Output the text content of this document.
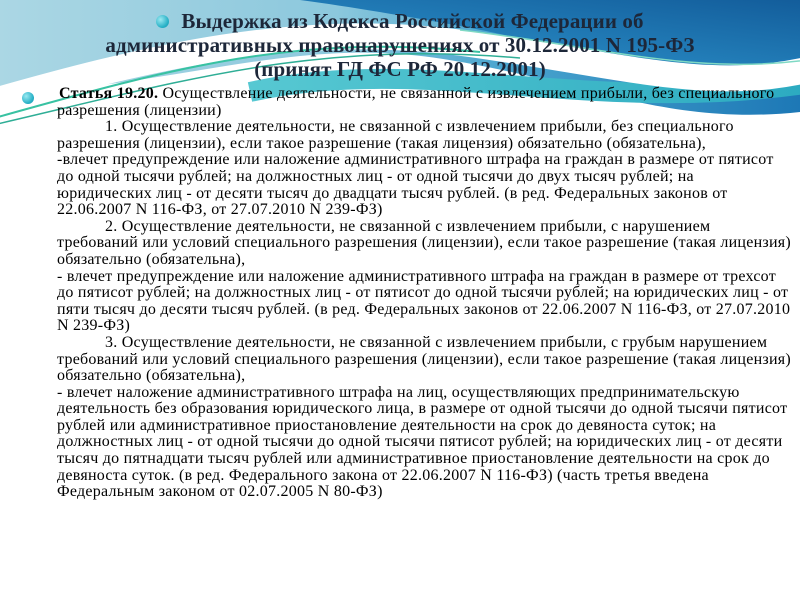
Выдержка из Кодекса Российской Федерации об
административных правонарушениях от 30.12.2001 N 195-ФЗ
(принят ГД ФС РФ 20.12.2001)

Статья 19.20. Осуществление деятельности, не связанной с извлечением прибыли, без специального разрешения (лицензии)

1. Осуществление деятельности, не связанной с извлечением прибыли, без специального разрешения (лицензии), если такое разрешение (такая лицензия) обязательно (обязательна),

-влечет предупреждение или наложение административного штрафа на граждан в размере от пятисот до одной тысячи рублей; на должностных лиц - от одной тысячи до двух тысяч рублей; на юридических лиц - от десяти тысяч до двадцати тысяч рублей. (в ред. Федеральных законов от 22.06.2007 N 116-ФЗ, от 27.07.2010 N 239-ФЗ)

2. Осуществление деятельности, не связанной с извлечением прибыли, с нарушением требований или условий специального разрешения (лицензии), если такое разрешение (такая лицензия) обязательно (обязательна),

- влечет предупреждение или наложение административного штрафа на граждан в размере от трехсот до пятисот рублей; на должностных лиц - от пятисот до одной тысячи рублей; на юридических лиц - от пяти тысяч до десяти тысяч рублей. (в ред. Федеральных законов от 22.06.2007 N 116-ФЗ, от 27.07.2010 N 239-ФЗ)

3. Осуществление деятельности, не связанной с извлечением прибыли, с грубым нарушением требований или условий специального разрешения (лицензии), если такое разрешение (такая лицензия) обязательно (обязательна),

- влечет наложение административного штрафа на лиц, осуществляющих предпринимательскую деятельность без образования юридического лица, в размере от одной тысячи до одной тысячи пятисот рублей или административное приостановление деятельности на срок до девяноста суток; на должностных лиц - от одной тысячи до одной тысячи пятисот рублей; на юридических лиц - от десяти тысяч до пятнадцати тысяч рублей или административное приостановление деятельности на срок до девяноста суток. (в ред. Федерального закона от 22.06.2007 N 116-ФЗ) (часть третья введена Федеральным законом от 02.07.2005 N 80-ФЗ)
